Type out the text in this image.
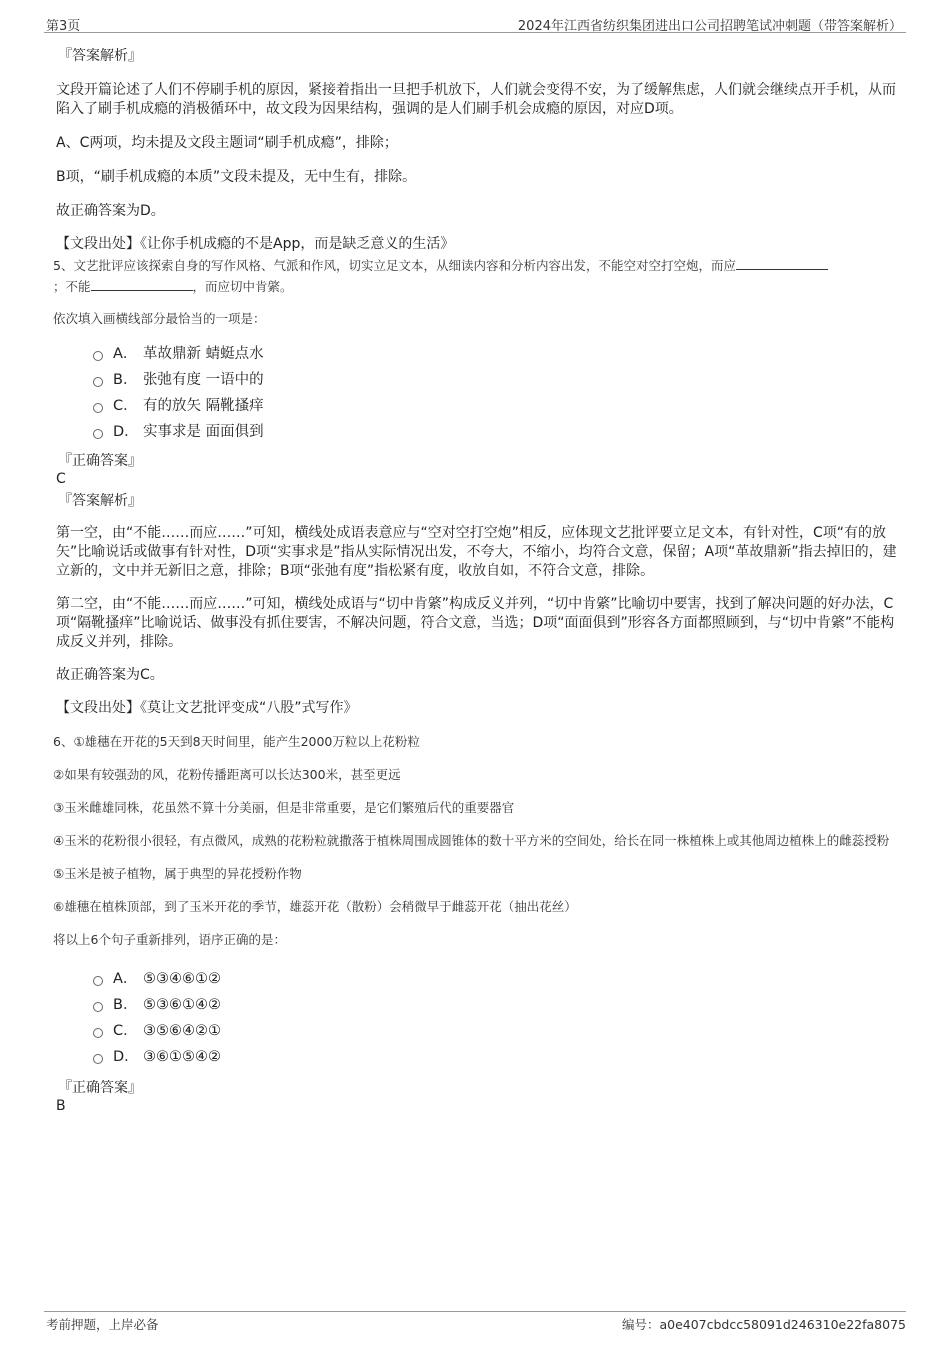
第3页	2024年江西省纺织集团进出口公司招聘笔试冲刺题（带答案解析）
『答案解析』

文段开篇论述了人们不停刷手机的原因，紧接着指出一旦把手机放下，人们就会变得不安，为了缓解焦虑，人们就会继续点开手机，从而陷入了刷手机成瘾的消极循环中，故文段为因果结构，强调的是人们刷手机会成瘾的原因，对应D项。

A、C两项，均未提及文段主题词“刷手机成瘾”，排除；

B项，“刷手机成瘾的本质”文段未提及，无中生有，排除。

故正确答案为D。

【文段出处】《让你手机成瘾的不是App，而是缺乏意义的生活》

5、文艺批评应该探索自身的写作风格、气派和作风，切实立足文本，从细读内容和分析内容出发，不能空对空打空炮，而应
；不能	，而应切中肯綮。
依次填入画横线部分最恰当的一项是：
A． 革故鼎新 蜻蜓点水
B． 张弛有度 一语中的
C． 有的放矢 隔靴搔痒
D． 实事求是 面面俱到
『正确答案』
C
『答案解析』

第一空，由“不能……而应……”可知，横线处成语表意应与“空对空打空炮”相反，应体现文艺批评要立足文本，有针对性，C项“有的放矢”比喻说话或做事有针对性，D项“实事求是”指从实际情况出发，不夸大，不缩小，均符合文意，保留；A项“革故鼎新”指去掉旧的，建立新的，文中并无新旧之意，排除；B项“张弛有度”指松紧有度，收放自如，不符合文意，排除。

第二空，由“不能……而应……”可知，横线处成语与“切中肯綮”构成反义并列，“切中肯綮”比喻切中要害，找到了解决问题的好办法，C项“隔靴搔痒”比喻说话、做事没有抓住要害，不解决问题，符合文意，当选；D项“面面俱到”形容各方面都照顾到，与“切中肯綮”不能构成反义并列，排除。

故正确答案为C。

【文段出处】《莫让文艺批评变成“八股”式写作》

6、①雄穗在开花的5天到8天时间里，能产生2000万粒以上花粉粒
②如果有较强劲的风，花粉传播距离可以长达300米，甚至更远
③玉米雌雄同株，花虽然不算十分美丽，但是非常重要，是它们繁殖后代的重要器官
④玉米的花粉很小很轻，有点微风，成熟的花粉粒就撒落于植株周围成圆锥体的数十平方米的空间处，给长在同一株植株上或其他周边植株上的雌蕊授粉
⑤玉米是被子植物，属于典型的异花授粉作物
⑥雄穗在植株顶部，到了玉米开花的季节，雄蕊开花（散粉）会稍微早于雌蕊开花（抽出花丝）
将以上6个句子重新排列，语序正确的是：
A． ⑤③④⑥①②
B． ⑤③⑥①④②
C． ③⑤⑥④②①
D． ③⑥①⑤④②
『正确答案』
B
考前押题，上岸必备	编号：a0e407cbdcc58091d246310e22fa8075
